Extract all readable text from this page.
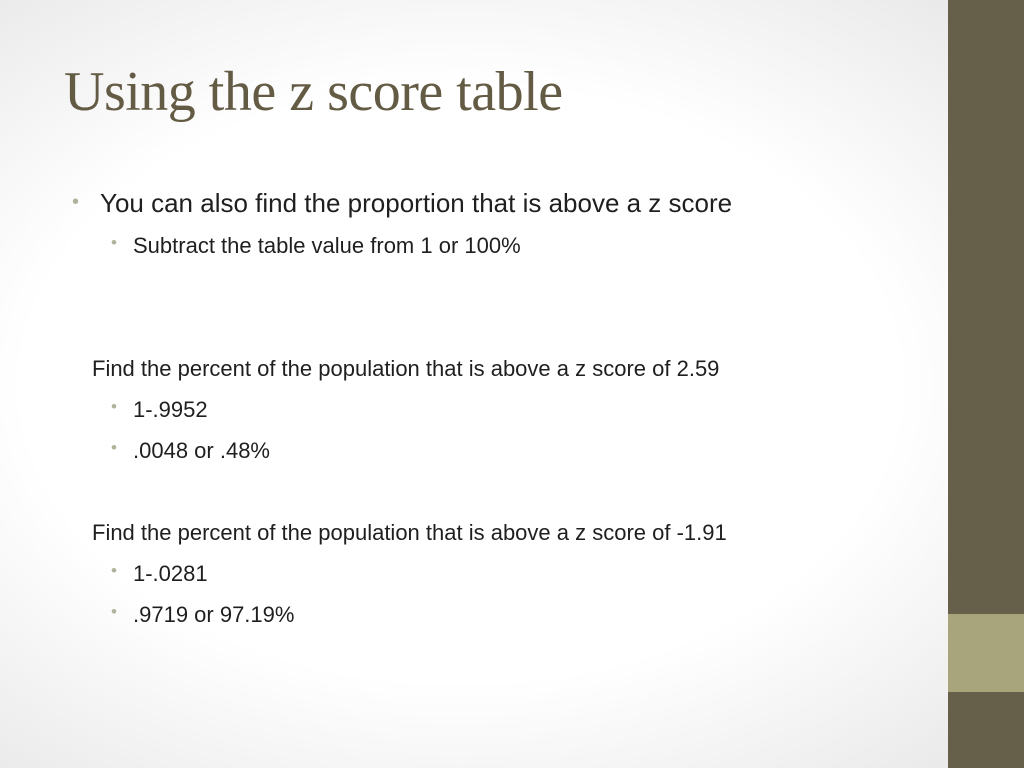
Using the z score table
• You can also find the proportion that is above a z score
• Subtract the table value from 1 or 100%
Find the percent of the population that is above a z score of 2.59
• 1-.9952
• .0048 or .48%
Find the percent of the population that is above a z score of -1.91
• 1-.0281
• .9719 or 97.19%
